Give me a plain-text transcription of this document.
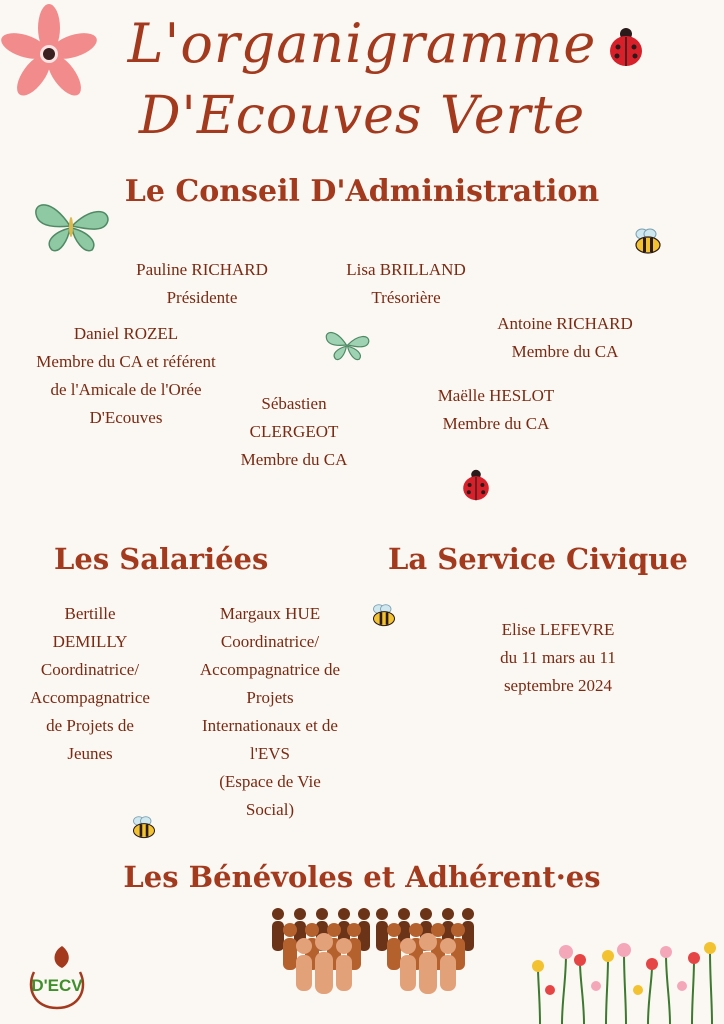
L'organigramme
D'Ecouves Verte
Le Conseil D'Administration
Pauline RICHARD
Présidente
Lisa BRILLAND
Trésorière
Antoine RICHARD
Membre du CA
Daniel ROZEL
Membre du CA et référent
de l'Amicale de l'Orée
D'Ecouves
Maëlle HESLOT
Membre du CA
Sébastien
CLERGEOT
Membre du CA
Les Salariées	La Service Civique
Bertille
DEMILLY
Coordinatrice/
Accompagnatrice
de Projets de
Jeunes
Margaux HUE
Coordinatrice/
Accompagnatrice de
Projets
Internationaux et de
l'EVS
(Espace de Vie
Social)
Elise LEFEVRE
du 11 mars au 11
septembre 2024
Les Bénévoles et Adhérent·es
D'ECV
